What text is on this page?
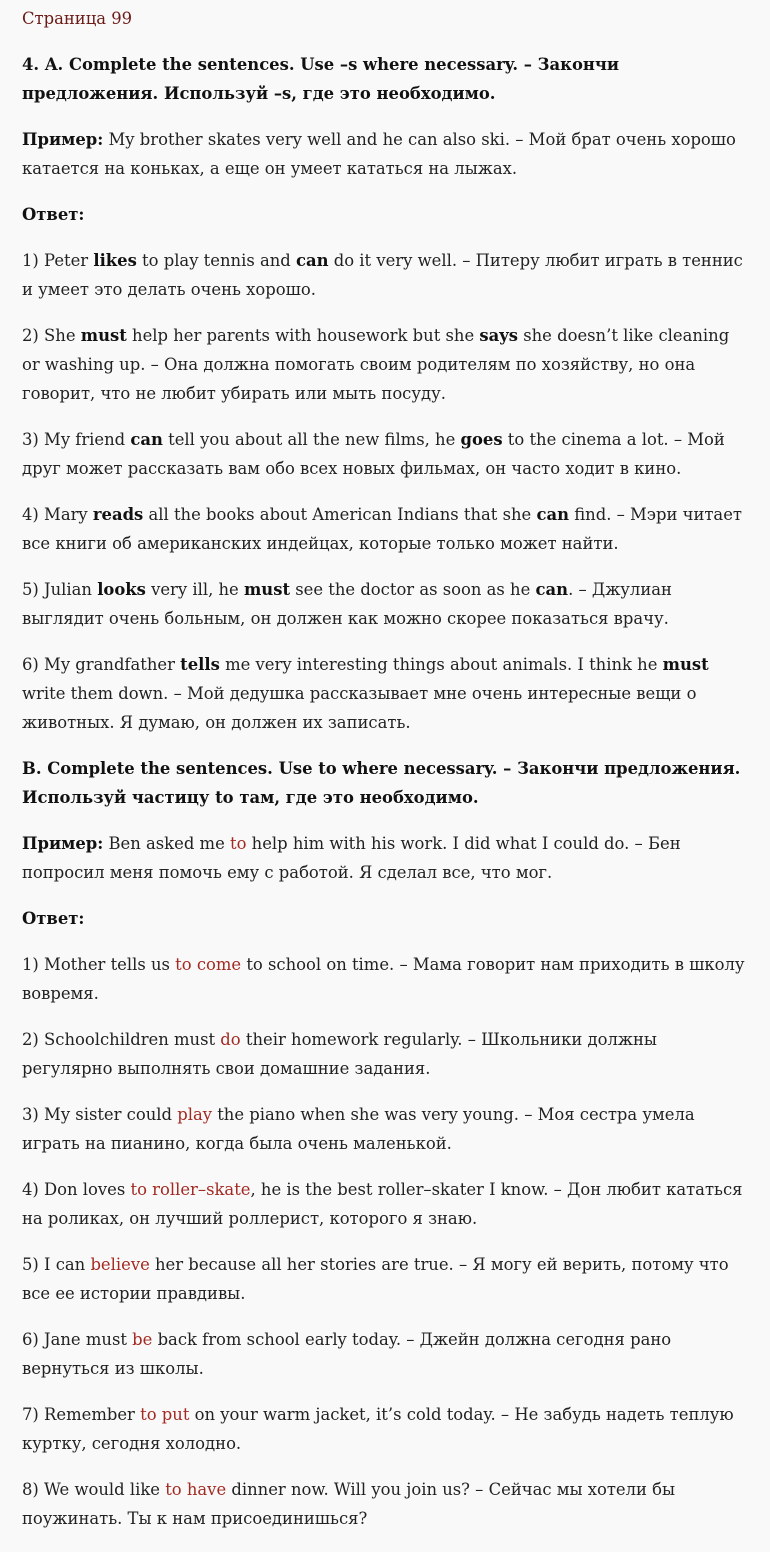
Страница 99

4. A. Complete the sentences. Use –s where necessary. – Закончи предложения. Используй –s, где это необходимо.

Пример: My brother skates very well and he can also ski. – Мой брат очень хорошо катается на коньках, а еще он умеет кататься на лыжах.

Ответ:

1) Peter likes to play tennis and can do it very well. – Питеру любит играть в теннис и умеет это делать очень хорошо.

2) She must help her parents with housework but she says she doesn’t like cleaning or washing up. – Она должна помогать своим родителям по хозяйству, но она говорит, что не любит убирать или мыть посуду.

3) My friend can tell you about all the new films, he goes to the cinema a lot. – Мой друг может рассказать вам обо всех новых фильмах, он часто ходит в кино.

4) Mary reads all the books about American Indians that she can find. – Мэри читает все книги об американских индейцах, которые только может найти.

5) Julian looks very ill, he must see the doctor as soon as he can. – Джулиан выглядит очень больным, он должен как можно скорее показаться врачу.

6) My grandfather tells me very interesting things about animals. I think he must write them down. – Мой дедушка рассказывает мне очень интересные вещи о животных. Я думаю, он должен их записать.

B. Complete the sentences. Use to where necessary. – Закончи предложения. Используй частицу to там, где это необходимо.

Пример: Ben asked me to help him with his work. I did what I could do. – Бен попросил меня помочь ему с работой. Я сделал все, что мог.

Ответ:

1) Mother tells us to come to school on time. – Мама говорит нам приходить в школу вовремя.

2) Schoolchildren must do their homework regularly. – Школьники должны регулярно выполнять свои домашние задания.

3) My sister could play the piano when she was very young. – Моя сестра умела играть на пианино, когда была очень маленькой.

4) Don loves to roller–skate, he is the best roller–skater I know. – Дон любит кататься на роликах, он лучший роллерист, которого я знаю.

5) I can believe her because all her stories are true. – Я могу ей верить, потому что все ее истории правдивы.

6) Jane must be back from school early today. – Джейн должна сегодня рано вернуться из школы.

7) Remember to put on your warm jacket, it’s cold today. – Не забудь надеть теплую куртку, сегодня холодно.

8) We would like to have dinner now. Will you join us? – Сейчас мы хотели бы поужинать. Ты к нам присоединишься?
